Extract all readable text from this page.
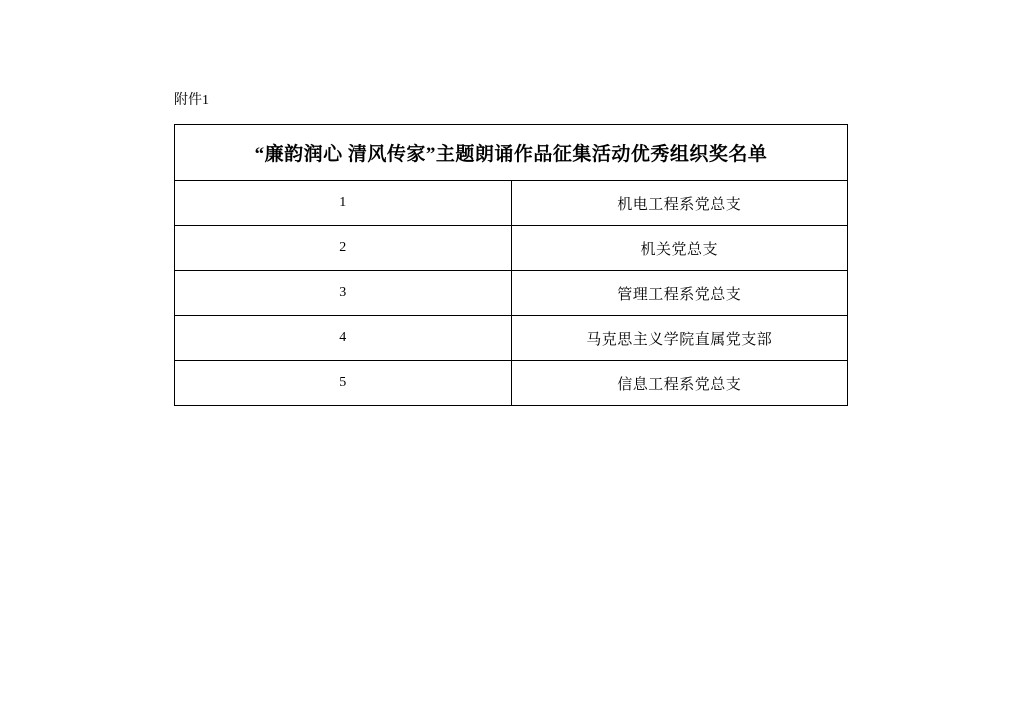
附件1
“廉韵润心 清风传家”主题朗诵作品征集活动优秀组织奖名单	
1	机电工程系党总支
2	机关党总支
3	管理工程系党总支
4	马克思主义学院直属党支部
5	信息工程系党总支
